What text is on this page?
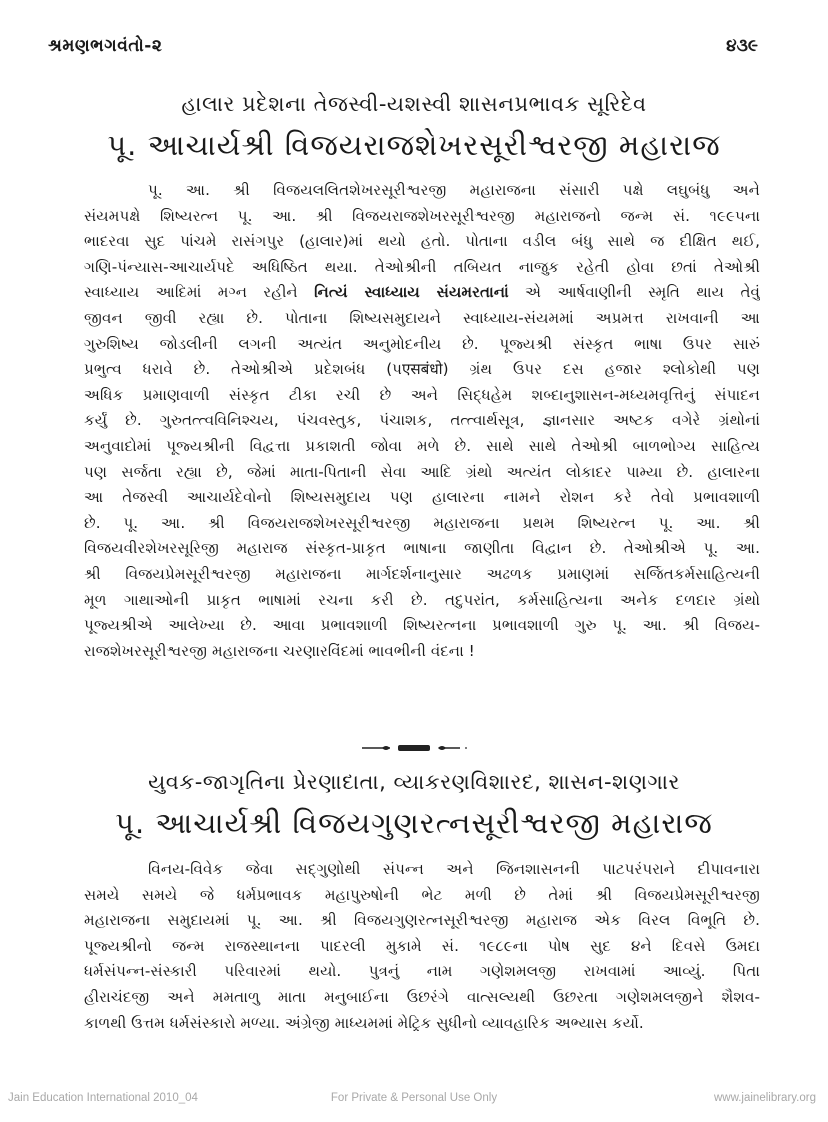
શ્રમણભગવંતો-૨	૪૩૯
હાલાર પ્રદેશના તેજસ્વી-યશસ્વી શાસનપ્રભાવક સૂરિદેવ
પૂ. આચાર્યશ્રી વિજયરાજશેખરસૂરીશ્વરજી મહારાજ
પૂ. આ. શ્રી વિજયલલિતશેખરસૂરીશ્વરજી મહારાજના સંસારી પક્ષે લઘુબંધુ અને
સંયમપક્ષે શિષ્યરત્ન પૂ. આ. શ્રી વિજયરાજશેખરસૂરીશ્વરજી મહારાજનો જન્મ સં. ૧૯૯૫ના
ભાદરવા સુદ પાંચમે રાસંગપુર (હાલાર)માં થયો હતો. પોતાના વડીલ બંધુ સાથે જ દીક્ષિત થઈ,
ગણિ-પંન્યાસ-આચાર્યપદે અધિષ્ઠિત થયા. તેઓશ્રીની તબિયત નાજુક રહેતી હોવા છતાં તેઓશ્રી
સ્વાધ્યાય આદિમાં મગ્ન રહીને નિત્યં સ્વાધ્યાય સંયમરતાનાં એ આર્ષવાણીની સ્મૃતિ થાય તેવું
જીવન જીવી રહ્યા છે. પોતાના શિષ્યસમુદાયને સ્વાધ્યાય-સંયમમાં અપ્રમત્ત રાખવાની આ
ગુરુશિષ્ય જોડલીની લગની અત્યંત અનુમોદનીય છે. પૂજ્યશ્રી સંસ્કૃત ભાષા ઉપર સારું
પ્રભુત્વ ધરાવે છે. તેઓશ્રીએ પ્રદેશબંધ (પएसबंधो) ગ્રંથ ઉપર દસ હજાર શ્લોકોથી પણ
અધિક પ્રમાણવાળી સંસ્કૃત ટીકા રચી છે અને સિદ્ધહેમ શબ્દાનુશાસન-મધ્યમવૃત્તિનું સંપાદન
કર્યું છે. ગુરુતત્ત્વવિનિશ્ચય, પંચવસ્તુક, પંચાશક, તત્ત્વાર્થસૂત્ર, જ્ઞાનસાર અષ્ટક વગેરે ગ્રંથોનાં
અનુવાદોમાં પૂજ્યશ્રીની વિદ્વત્તા પ્રકાશતી જોવા મળે છે. સાથે સાથે તેઓશ્રી બાળભોગ્ય સાહિત્ય
પણ સર્જતા રહ્યા છે, જેમાં માતા-પિતાની સેવા આદિ ગ્રંથો અત્યંત લોકાદર પામ્યા છે. હાલારના
આ તેજસ્વી આચાર્યદેવોનો શિષ્યસમુદાય પણ હાલારના નામને રોશન કરે તેવો પ્રભાવશાળી
છે. પૂ. આ. શ્રી વિજયરાજશેખરસૂરીશ્વરજી મહારાજના પ્રથમ શિષ્યરત્ન પૂ. આ. શ્રી
વિજયવીરશેખરસૂરિજી મહારાજ સંસ્કૃત-પ્રાકૃત ભાષાના જાણીતા વિદ્વાન છે. તેઓશ્રીએ પૂ. આ.
શ્રી વિજયપ્રેમસૂરીશ્વરજી મહારાજના માર્ગદર્શનાનુસાર અઢળક પ્રમાણમાં સર્જિતકર્મસાહિત્યની
મૂળ ગાથાઓની પ્રાકૃત ભાષામાં રચના કરી છે. તદુપરાંત, કર્મસાહિત્યના અનેક દળદાર ગ્રંથો
પૂજ્યશ્રીએ આલેખ્યા છે. આવા પ્રભાવશાળી શિષ્યરત્નના પ્રભાવશાળી ગુરુ પૂ. આ. શ્રી વિજય-
રાજશેખરસૂરીશ્વરજી મહારાજના ચરણારવિંદમાં ભાવભીની વંદના !
યુવક-જાગૃતિના પ્રેરણાદાતા, વ્યાકરણવિશારદ, શાસન-શણગાર
પૂ. આચાર્યશ્રી વિજયગુણરત્નસૂરીશ્વરજી મહારાજ
વિનય-વિવેક જેવા સદ્ગુણોથી સંપન્ન અને જિનશાસનની પાટપરંપરાને દીપાવનારા
સમયે સમયે જે ધર્મપ્રભાવક મહાપુરુષોની ભેટ મળી છે તેમાં શ્રી વિજયપ્રેમસૂરીશ્વરજી
મહારાજના સમુદાયમાં પૂ. આ. શ્રી વિજયગુણરત્નસૂરીશ્વરજી મહારાજ એક વિરલ વિભૂતિ છે.
પૂજ્યશ્રીનો જન્મ રાજસ્થાનના પાદરલી મુકામે સં. ૧૯૮૯ના પોષ સુદ ૪ને દિવસે ઉમદા
ધર્મસંપન્ન-સંસ્કારી પરિવારમાં થયો. પુત્રનું નામ ગણેશમલજી રાખવામાં આવ્યું. પિતા
હીરાચંદજી અને મમતાળુ માતા મનુબાઈના ઉછરંગે વાત્સલ્યથી ઉછરતા ગણેશમલજીને શૈશવ-
કાળથી ઉત્તમ ધર્મસંસ્કારો મળ્યા. અંગ્રેજી માધ્યમમાં મેટ્રિક સુધીનો વ્યાવહારિક અભ્યાસ કર્યો.
Jain Education International 2010_04	For Private & Personal Use Only	www.jainelibrary.org
